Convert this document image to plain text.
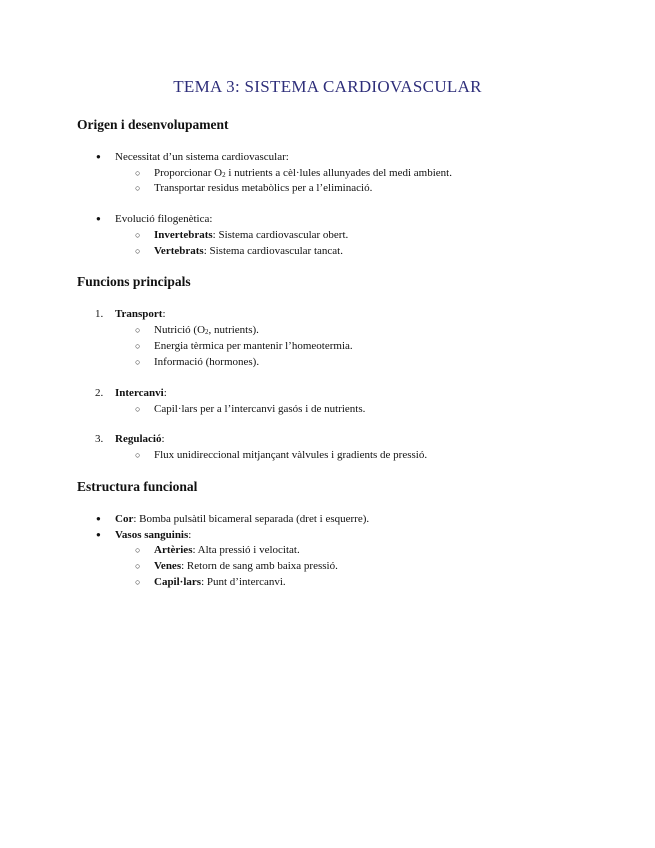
TEMA 3: SISTEMA CARDIOVASCULAR
Origen i desenvolupament
● Necessitat d’un sistema cardiovascular:
○ Proporcionar $O_2$ i nutrients a cèl·lules allunyades del medi ambient.
○ Transportar residus metabòlics per a l’eliminació.
● Evolució filogenètica:
○ Invertebrats: Sistema cardiovascular obert.
○ Vertebrats: Sistema cardiovascular tancat.
Funcions principals
1. Transport:
○ Nutrició ($O_2$, nutrients).
○ Energia tèrmica per mantenir l’homeotermia.
○ Informació (hormones).
2. Intercanvi:
○ Capil·lars per a l’intercanvi gasós i de nutrients.
3. Regulació:
○ Flux unidireccional mitjançant vàlvules i gradients de pressió.
Estructura funcional
● Cor: Bomba pulsàtil bicameral separada (dret i esquerre).
● Vasos sanguinis:
○ Artèries: Alta pressió i velocitat.
○ Venes: Retorn de sang amb baixa pressió.
○ Capil·lars: Punt d’intercanvi.
